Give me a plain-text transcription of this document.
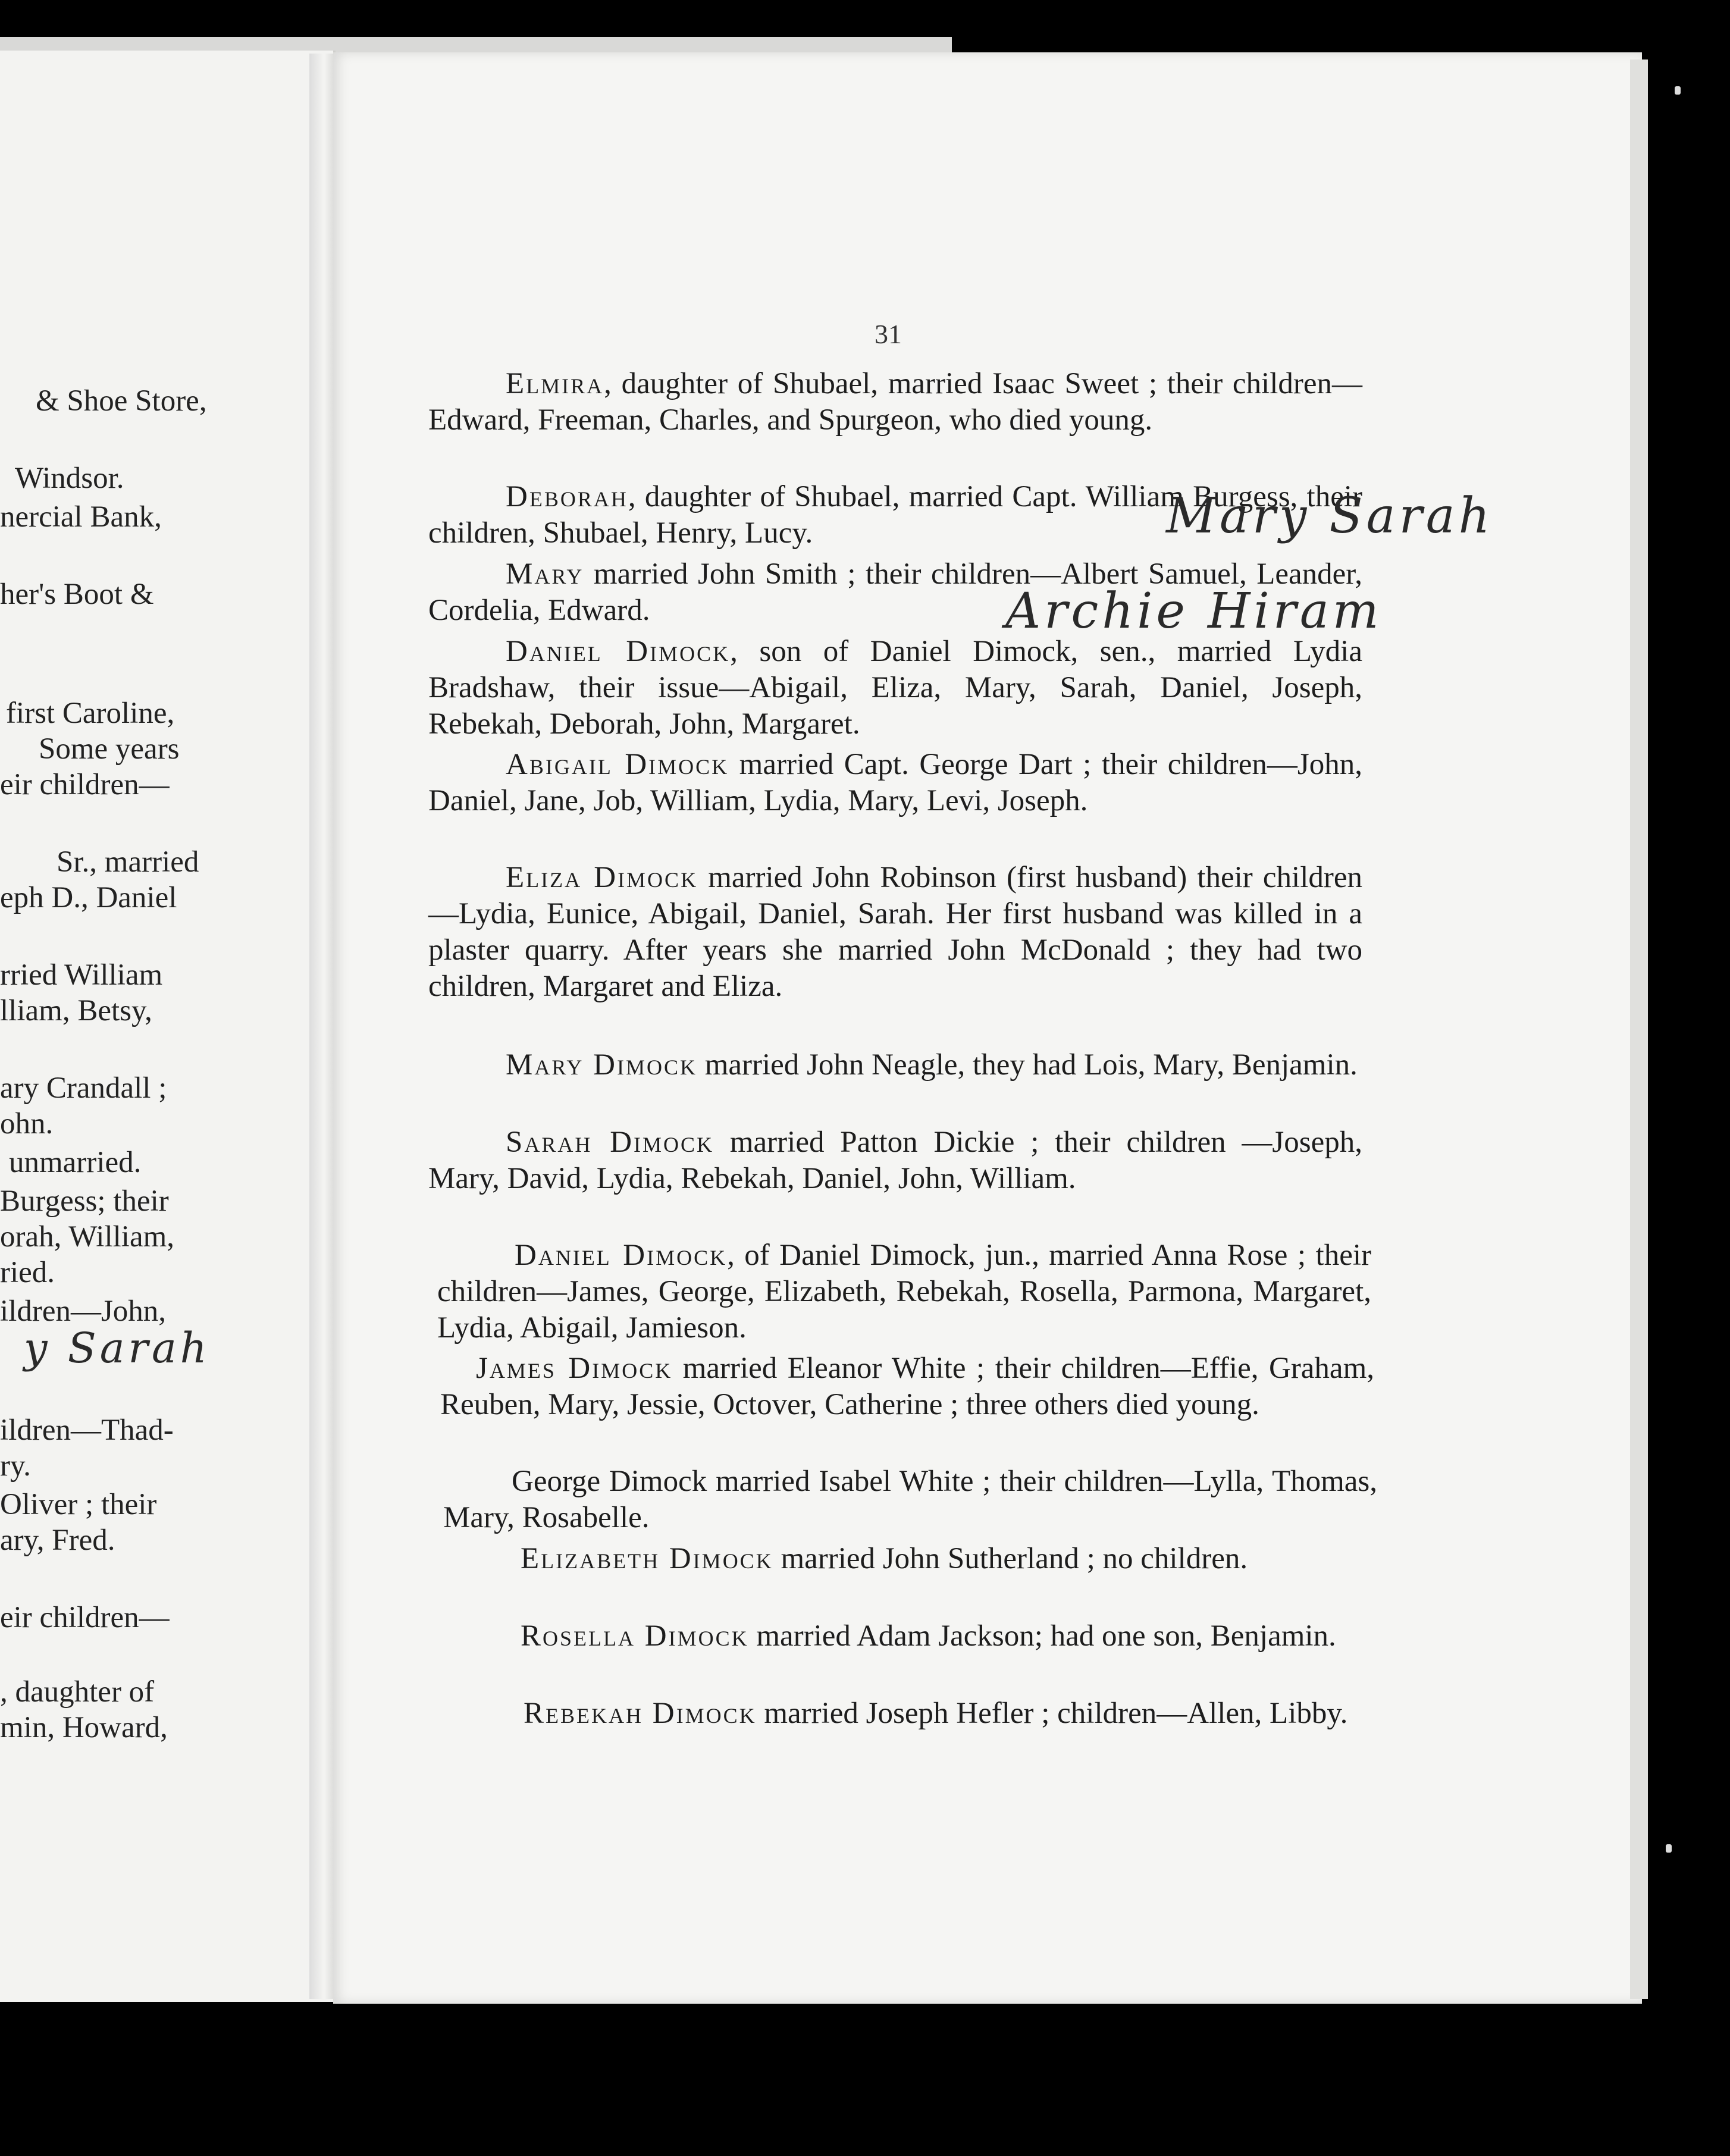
& Shoe Store,
Windsor.
nercial Bank,
her's Boot &
first Caroline,
Some years
eir children—
Sr., married
eph D., Daniel
rried William
lliam, Betsy,
ary Crandall ;
ohn.
unmarried.
Burgess; their
orah, William,
ried.
ildren—John,
y Sarah
ildren—Thad-
ry.
Oliver ; their
ary, Fred.
eir children—
, daughter of
min, Howard,
31
Elmira, daughter of Shubael, married Isaac Sweet ; their children—Edward, Freeman, Charles, and Spurgeon, who died young.
Deborah, daughter of Shubael, married Capt. William Burgess, their children, Shubael, Henry, Lucy.	Mary Sarah
Mary married John Smith ; their children—Albert Samuel, Leander, Cordelia, Edward.	Archie Hiram
Daniel Dimock, son of Daniel Dimock, sen., married Lydia Bradshaw, their issue—Abigail, Eliza, Mary, Sarah, Daniel, Joseph, Rebekah, Deborah, John, Margaret.
Abigail Dimock married Capt. George Dart ; their children—John, Daniel, Jane, Job, William, Lydia, Mary, Levi, Joseph.
Eliza Dimock married John Robinson (first husband) their children—Lydia, Eunice, Abigail, Daniel, Sarah. Her first husband was killed in a plaster quarry. After years she married John McDonald ; they had two children, Margaret and Eliza.
Mary Dimock married John Neagle, they had Lois, Mary, Benjamin.
Sarah Dimock married Patton Dickie ; their children —Joseph, Mary, David, Lydia, Rebekah, Daniel, John, William.
Daniel Dimock, of Daniel Dimock, jun., married Anna Rose ; their children—James, George, Elizabeth, Rebekah, Rosella, Parmona, Margaret, Lydia, Abigail, Jamieson.
James Dimock married Eleanor White ; their children—Effie, Graham, Reuben, Mary, Jessie, Octover, Catherine ; three others died young.
George Dimock married Isabel White ; their children—Lylla, Thomas, Mary, Rosabelle.
Elizabeth Dimock married John Sutherland ; no children.
Rosella Dimock married Adam Jackson; had one son, Benjamin.
Rebekah Dimock married Joseph Hefler ; children—Allen, Libby.
